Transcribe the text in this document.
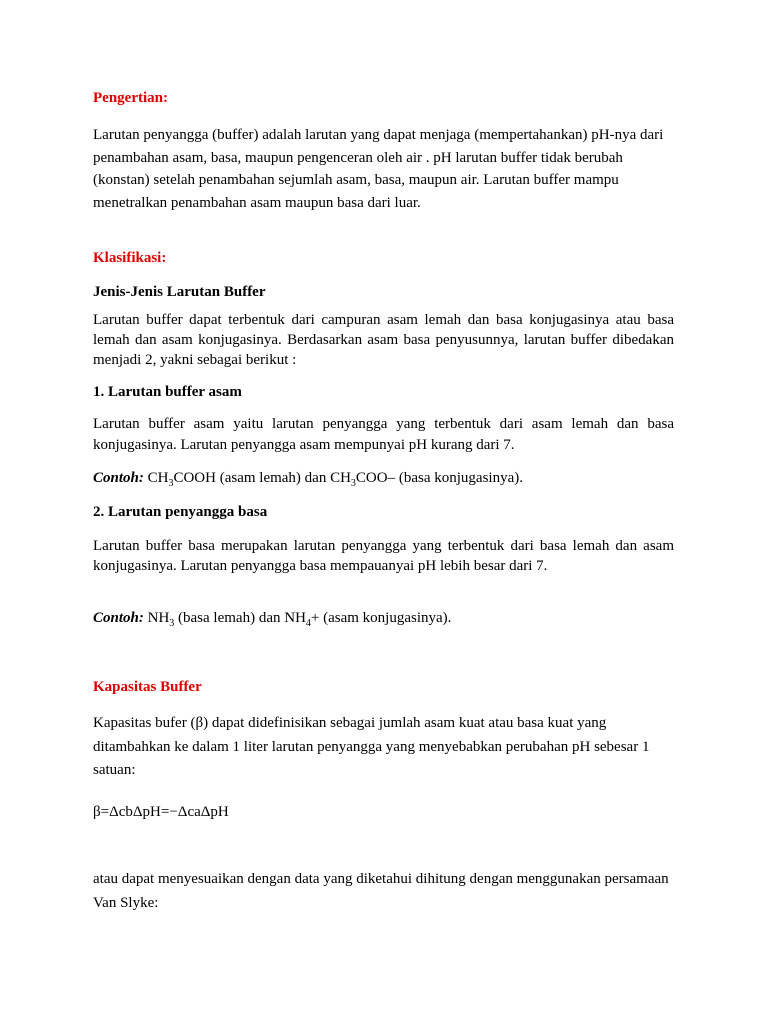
Pengertian:

Larutan penyangga (buffer) adalah larutan yang dapat menjaga (mempertahankan) pH-nya dari penambahan asam, basa, maupun pengenceran oleh air . pH larutan buffer tidak berubah (konstan) setelah penambahan sejumlah asam, basa, maupun air. Larutan buffer mampu menetralkan penambahan asam maupun basa dari luar.

Klasifikasi:

Jenis-Jenis Larutan Buffer

Larutan buffer dapat terbentuk dari campuran asam lemah dan basa konjugasinya atau basa lemah dan asam konjugasinya. Berdasarkan asam basa penyusunnya, larutan buffer dibedakan menjadi 2, yakni sebagai berikut :

1. Larutan buffer asam

Larutan buffer asam yaitu larutan penyangga yang terbentuk dari asam lemah dan basa konjugasinya. Larutan penyangga asam mempunyai pH kurang dari 7.

Contoh: $CH_3COOH$ (asam lemah) dan $CH_3COO-$ (basa konjugasinya).

2. Larutan penyangga basa

Larutan buffer basa merupakan larutan penyangga yang terbentuk dari basa lemah dan asam konjugasinya. Larutan penyangga basa mempauanyai pH lebih besar dari 7.

Contoh: $NH_3$ (basa lemah) dan $NH_4+$ (asam konjugasinya).

Kapasitas Buffer

Kapasitas bufer (β) dapat didefinisikan sebagai jumlah asam kuat atau basa kuat yang ditambahkan ke dalam 1 liter larutan penyangga yang menyebabkan perubahan pH sebesar 1 satuan:

β=ΔcbΔpH=−ΔcaΔpH

atau dapat menyesuaikan dengan data yang diketahui dihitung dengan menggunakan persamaan Van Slyke:
